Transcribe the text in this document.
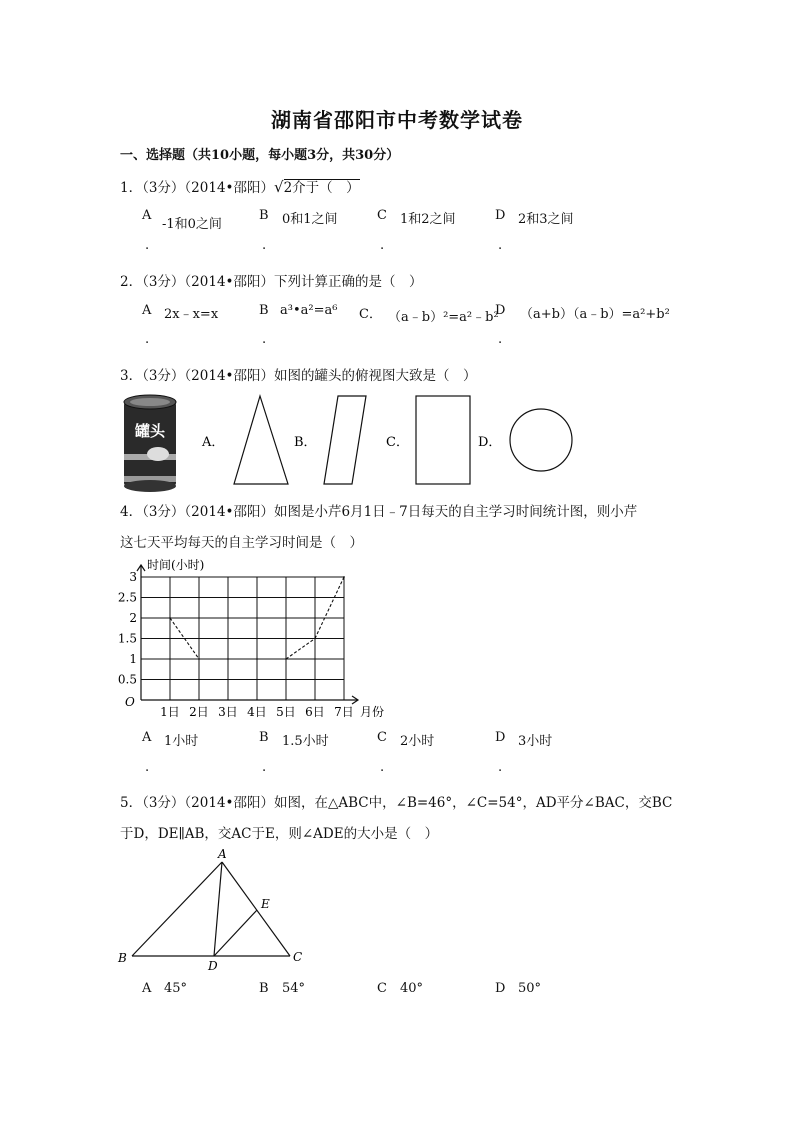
湖南省邵阳市中考数学试卷
一、选择题（共10小题，每小题3分，共30分）
1．（3分）（2014•邵阳）√2介于（　）
A
-1和0之间
B 0和1之间	C 1和2之间	D 2和3之间
.	.	.	.
2．（3分）（2014•邵阳）下列计算正确的是（　）
A 2x﹣x=x	B a³•a²=a⁶ C． （a﹣b）²=a²﹣b²
D （a+b）（a﹣b）=a²+b²
.	.	.
3．（3分）（2014•邵阳）如图的罐头的俯视图大致是（　）
罐头
A．	B．	C．	D．
4．（3分）（2014•邵阳）如图是小芹6月1日﹣7日每天的自主学习时间统计图，则小芹
这七天平均每天的自主学习时间是（　）
0.5
1
1.5
2
2.5
3
O
1日 2日 3日 4日 5日 6日 7日 月份
时间(小时)
A 1小时	B 1.5小时	C 2小时	D 3小时
.	.	.	.
5．（3分）（2014•邵阳）如图，在△ABC中，∠B=46°，∠C=54°，AD平分∠BAC，交BC
于D，DE∥AB，交AC于E，则∠ADE的大小是（　）
A
B	C
D
E
A 45°	B 54°	C 40°	D 50°
